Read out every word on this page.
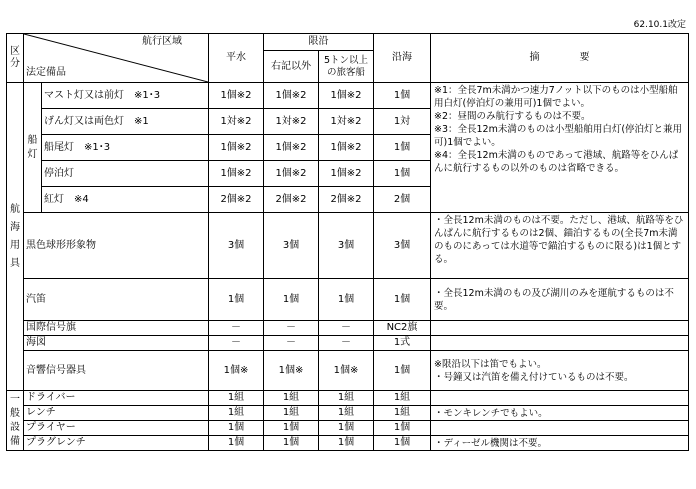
62.10.1改定
区分	航行区域
法定備品		平水	限沿		沿海	摘　　　　要
				右記以外	5トン以上の旅客船		
航海用具	船灯	マスト灯又は前灯　※1･3	1個※2	1個※2	1個※2	1個	※1：全長7m未満かつ速力7ノット以下のものは小型船舶用白灯(停泊灯の兼用可)1個でよい。
※2：昼間のみ航行するものは不要。
※3：全長12m未満のものは小型船舶用白灯(停泊灯と兼用可)1個でよい。
※4：全長12m未満のものであって港域、航路等をひんぱんに航行するもの以外のものは省略できる。

		げん灯又は両色灯　※1	1対※2	1対※2	1対※2	1対	
		船尾灯　※1･3	1個※2	1個※2	1個※2	1個	
		停泊灯	1個※2	1個※2	1個※2	1個	
		紅灯　※4	2個※2	2個※2	2個※2	2個	
	黒色球形形象物		3個	3個	3個	3個	・全長12m未満のものは不要。ただし、港域、航路等をひんぱんに航行するものは2個、錨泊するもの(全長7m未満のものにあっては水道等で錨泊するものに限る)は1個とする。

	汽笛		1個	1個	1個	1個	・全長12m未満のもの及び湖川のみを運航するものは不要。

	国際信号旗		－	－	－	NC2旗	
	海図		－	－	－	1式	
	音響信号器具		1個※	1個※	1個※	1個	※限沿以下は笛でもよい。
・号鐘又は汽笛を備え付けているものは不要。

一般設備	ドライバー		1組	1組	1組	1組	
	レンチ		1組	1組	1組	1組	・モンキレンチでもよい。

	プライヤー		1個	1個	1個	1個	
	プラグレンチ		1個	1個	1個	1個	・ディーゼル機関は不要。
